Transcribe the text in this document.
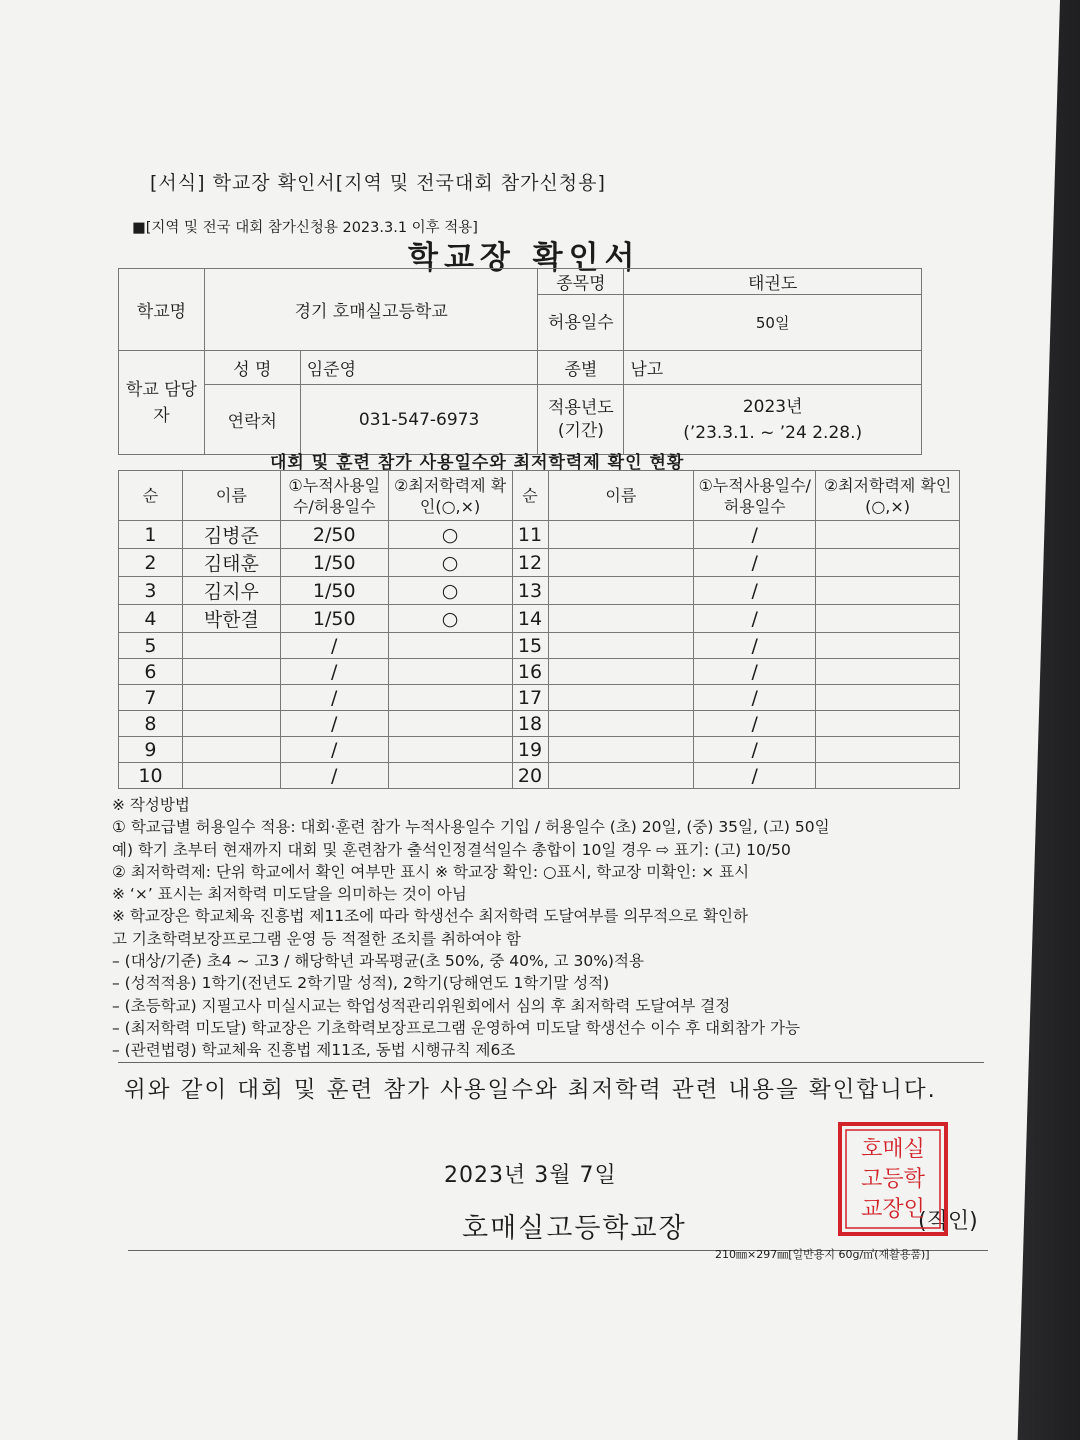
[서식] 학교장 확인서[지역 및 전국대회 참가신청용]
■[지역 및 전국 대회 참가신청용 2023.3.1 이후 적용]
학교장 확인서
학교명	경기 호매실고등학교		종목명	태권도
			허용일수	50일
학교 담당자	성 명	임준영	종별	남고
	연락처	031-547-6973	적용년도 (기간)	2023년
(’23.3.1. ~ ’24 2.28.)
대회 및 훈련 참가 사용일수와 최저학력제 확인 현황
순	이름	①누적사용일수/허용일수	②최저학력제 확인(○,×)	순	이름	①누적사용일수/허용일수	②최저학력제 확인(○,×)
1	김병준	2/50	○	11		/	
2	김태훈	1/50	○	12		/	
3	김지우	1/50	○	13		/	
4	박한결	1/50	○	14		/	
5		/		15		/	
6		/		16		/	
7		/		17		/	
8		/		18		/	
9		/		19		/	
10		/		20		/	
※ 작성방법
① 학교급별 허용일수 적용: 대회·훈련 참가 누적사용일수 기입 / 허용일수 (초) 20일, (중) 35일, (고) 50일
예) 학기 초부터 현재까지 대회 및 훈련참가 출석인정결석일수 총합이 10일 경우 ⇨ 표기: (고) 10/50
② 최저학력제: 단위 학교에서 확인 여부만 표시 ※ 학교장 확인: ○표시, 학교장 미확인: × 표시
※ ‘×’ 표시는 최저학력 미도달을 의미하는 것이 아님
※ 학교장은 학교체육 진흥법 제11조에 따라 학생선수 최저학력 도달여부를 의무적으로 확인하
고 기초학력보장프로그램 운영 등 적절한 조치를 취하여야 함
– (대상/기준) 초4 ~ 고3 / 해당학년 과목평균(초 50%, 중 40%, 고 30%)적용
– (성적적용) 1학기(전년도 2학기말 성적), 2학기(당해연도 1학기말 성적)
– (초등학교) 지필고사 미실시교는 학업성적관리위원회에서 심의 후 최저학력 도달여부 결정
– (최저학력 미도달) 학교장은 기초학력보장프로그램 운영하여 미도달 학생선수 이수 후 대회참가 가능
– (관련법령) 학교체육 진흥법 제11조, 동법 시행규칙 제6조
위와 같이 대회 및 훈련 참가 사용일수와 최저학력 관련 내용을 확인합니다.
2023년 3월 7일
호매실고등학교장	(직인)
호매실
고등학
교장인
210㎜×297㎜[일반용지 60g/㎡(재활용품)]
